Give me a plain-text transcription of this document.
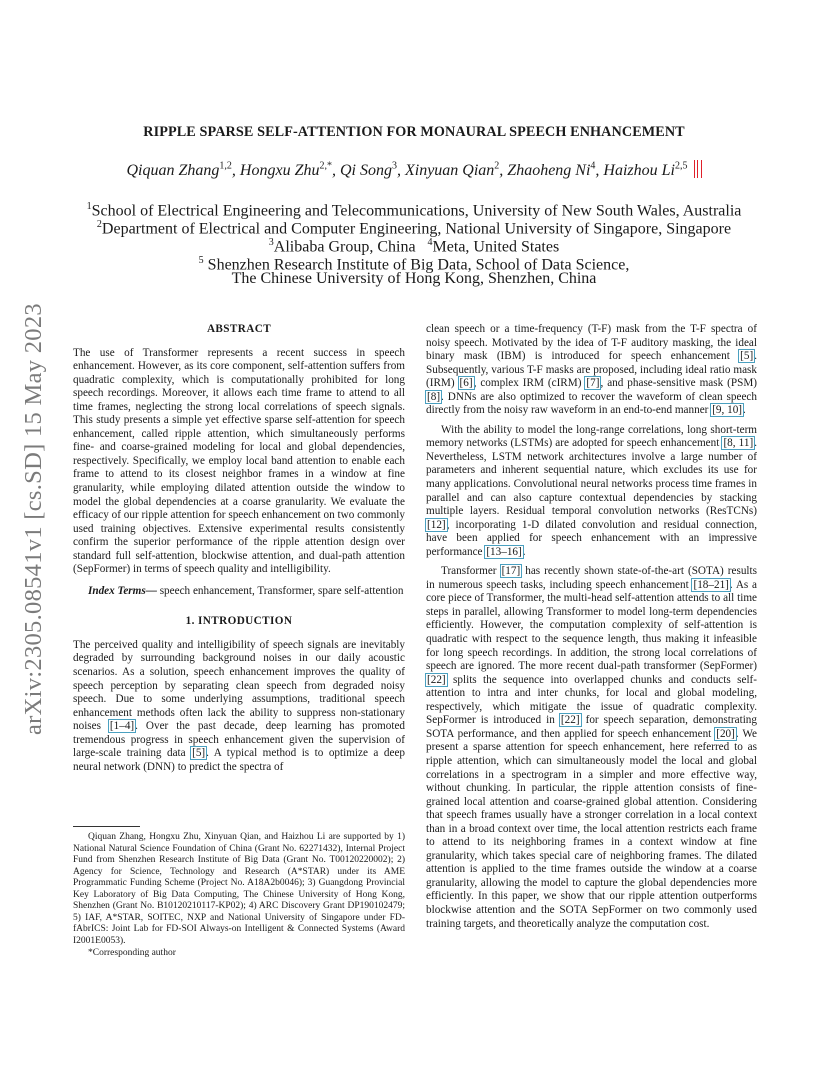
arXiv:2305.08541v1 [cs.SD] 15 May 2023
RIPPLE SPARSE SELF-ATTENTION FOR MONAURAL SPEECH ENHANCEMENT
Qiquan Zhang$^{1,2}$, Hongxu Zhu$^{2,*}$, Qi Song$^3$, Xinyuan Qian$^2$, Zhaoheng Ni$^4$, Haizhou Li$^{2,5}$
$^1$School of Electrical Engineering and Telecommunications, University of New South Wales, Australia
$^2$Department of Electrical and Computer Engineering, National University of Singapore, Singapore
$^3$Alibaba Group, China $^4$Meta, United States
$^5$ Shenzhen Research Institute of Big Data, School of Data Science,
The Chinese University of Hong Kong, Shenzhen, China

ABSTRACT

The use of Transformer represents a recent success in speech enhancement. However, as its core component, self-attention suffers from quadratic complexity, which is computationally prohibited for long speech recordings. Moreover, it allows each time frame to attend to all time frames, neglecting the strong local correlations of speech signals. This study presents a simple yet effective sparse self-attention for speech enhancement, called ripple attention, which simultaneously performs fine- and coarse-grained modeling for local and global dependencies, respectively. Specifically, we employ local band attention to enable each frame to attend to its closest neighbor frames in a window at fine granularity, while employing dilated attention outside the window to model the global dependencies at a coarse granularity. We evaluate the efficacy of our ripple attention for speech enhancement on two commonly used training objectives. Extensive experimental results consistently confirm the superior performance of the ripple attention design over standard full self-attention, blockwise attention, and dual-path attention (SepFormer) in terms of speech quality and intelligibility.

Index Terms— speech enhancement, Transformer, spare self-attention

1. INTRODUCTION

The perceived quality and intelligibility of speech signals are inevitably degraded by surrounding background noises in our daily acoustic scenarios. As a solution, speech enhancement improves the quality of speech perception by separating clean speech from degraded noisy speech. Due to some underlying assumptions, traditional speech enhancement methods often lack the ability to suppress non-stationary noises [1–4]. Over the past decade, deep learning has promoted tremendous progress in speech enhancement given the supervision of large-scale training data [5]. A typical method is to optimize a deep neural network (DNN) to predict the spectra of

Qiquan Zhang, Hongxu Zhu, Xinyuan Qian, and Haizhou Li are supported by 1) National Natural Science Foundation of China (Grant No. 62271432), Internal Project Fund from Shenzhen Research Institute of Big Data (Grant No. T00120220002); 2) Agency for Science, Technology and Research (A*STAR) under its AME Programmatic Funding Scheme (Project No. A18A2b0046); 3) Guangdong Provincial Key Laboratory of Big Data Computing, The Chinese University of Hong Kong, Shenzhen (Grant No. B10120210117-KP02); 4) ARC Discovery Grant DP190102479; 5) IAF, A*STAR, SOITEC, NXP and National University of Singapore under FD-fAbrICS: Joint Lab for FD-SOI Always-on Intelligent & Connected Systems (Award I2001E0053).

*Corresponding author

clean speech or a time-frequency (T-F) mask from the T-F spectra of noisy speech. Motivated by the idea of T-F auditory masking, the ideal binary mask (IBM) is introduced for speech enhancement [5]. Subsequently, various T-F masks are proposed, including ideal ratio mask (IRM) [6], complex IRM (cIRM) [7], and phase-sensitive mask (PSM) [8]. DNNs are also optimized to recover the waveform of clean speech directly from the noisy raw waveform in an end-to-end manner [9, 10].

With the ability to model the long-range correlations, long short-term memory networks (LSTMs) are adopted for speech enhancement [8, 11]. Nevertheless, LSTM network architectures involve a large number of parameters and inherent sequential nature, which excludes its use for many applications. Convolutional neural networks process time frames in parallel and can also capture contextual dependencies by stacking multiple layers. Residual temporal convolution networks (ResTCNs) [12], incorporating 1-D dilated convolution and residual connection, have been applied for speech enhancement with an impressive performance [13–16].

Transformer [17] has recently shown state-of-the-art (SOTA) results in numerous speech tasks, including speech enhancement [18–21]. As a core piece of Transformer, the multi-head self-attention attends to all time steps in parallel, allowing Transformer to model long-term dependencies efficiently. However, the computation complexity of self-attention is quadratic with respect to the sequence length, thus making it infeasible for long speech recordings. In addition, the strong local correlations of speech are ignored. The more recent dual-path transformer (SepFormer) [22] splits the sequence into overlapped chunks and conducts self-attention to intra and inter chunks, for local and global modeling, respectively, which mitigate the issue of quadratic complexity. SepFormer is introduced in [22] for speech separation, demonstrating SOTA performance, and then applied for speech enhancement [20]. We present a sparse attention for speech enhancement, here referred to as ripple attention, which can simultaneously model the local and global correlations in a spectrogram in a simpler and more effective way, without chunking. In particular, the ripple attention consists of fine-grained local attention and coarse-grained global attention. Considering that speech frames usually have a stronger correlation in a local context than in a broad context over time, the local attention restricts each frame to attend to its neighboring frames in a context window at fine granularity, which takes special care of neighboring frames. The dilated attention is applied to the time frames outside the window at a coarse granularity, allowing the model to capture the global dependencies more efficiently. In this paper, we show that our ripple attention outperforms blockwise attention and the SOTA SepFormer on two commonly used training targets, and theoretically analyze the computation cost.
